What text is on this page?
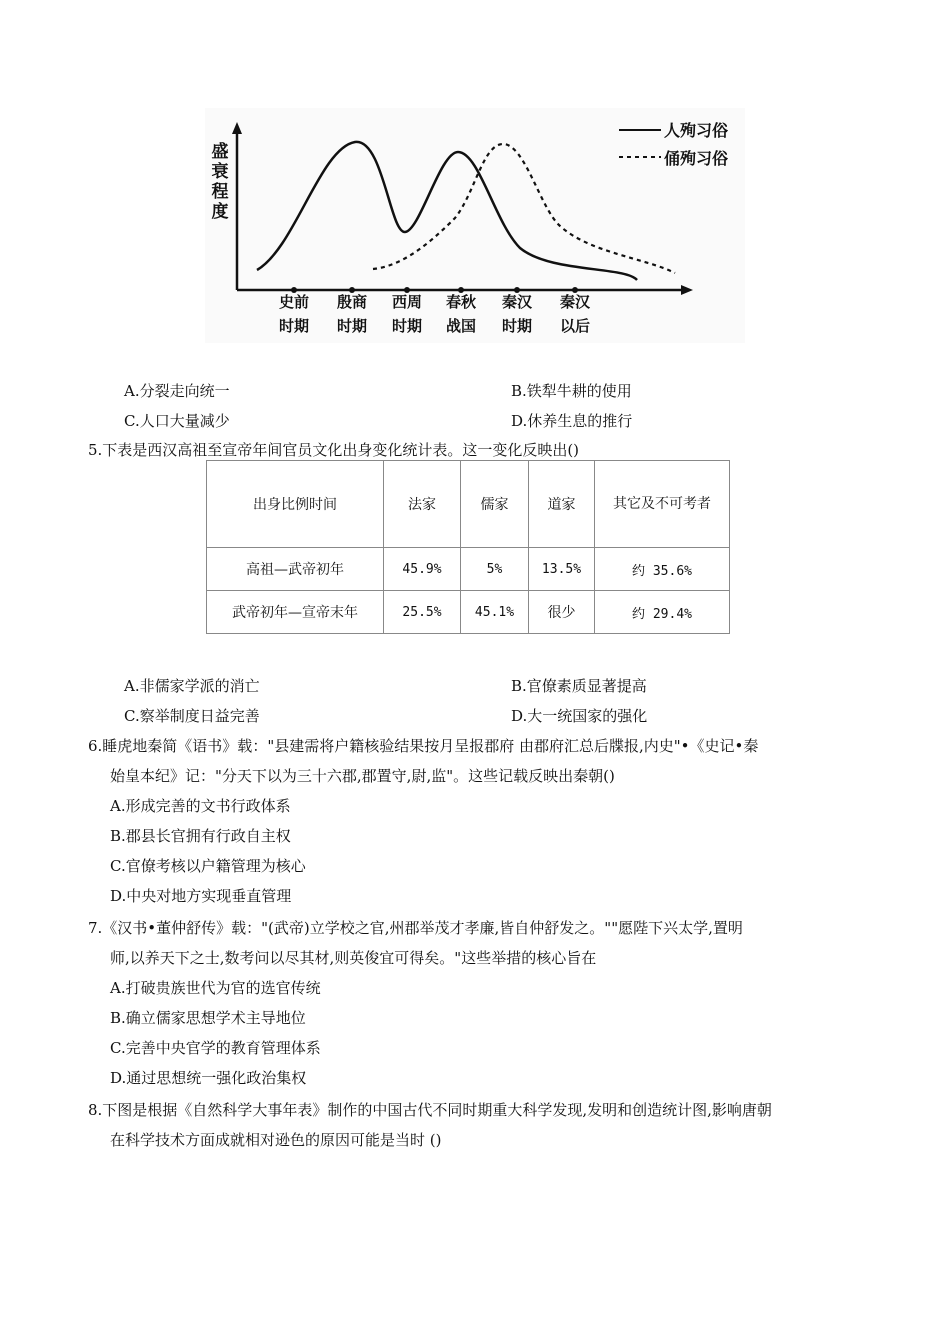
盛衰程度
人殉习俗
俑殉习俗
史前
时期
殷商
时期
西周
时期
春秋
战国
秦汉
时期
秦汉
以后
A.分裂走向统一	B.铁犁牛耕的使用
C.人口大量减少	D.休养生息的推行
5.下表是西汉高祖至宣帝年间官员文化出身变化统计表。这一变化反映出()
出身比例时间	法家	儒家	道家	其它及不可考者
高祖—武帝初年	45.9%	5%	13.5%	约 35.6%
武帝初年—宣帝末年	25.5%	45.1%	很少	约 29.4%
A.非儒家学派的消亡	B.官僚素质显著提高
C.察举制度日益完善	D.大一统国家的强化
6.睡虎地秦简《语书》载："县建需将户籍核验结果按月呈报郡府 由郡府汇总后牒报,内史"•《史记•秦
始皇本纪》记："分天下以为三十六郡,郡置守,尉,监"。这些记载反映出秦朝()
A.形成完善的文书行政体系
B.郡县长官拥有行政自主权
C.官僚考核以户籍管理为核心
D.中央对地方实现垂直管理
7.《汉书•董仲舒传》载："(武帝)立学校之官,州郡举茂才孝廉,皆自仲舒发之。""愿陛下兴太学,置明
师,以养天下之士,数考问以尽其材,则英俊宜可得矣。"这些举措的核心旨在
A.打破贵族世代为官的选官传统
B.确立儒家思想学术主导地位
C.完善中央官学的教育管理体系
D.通过思想统一强化政治集权
8.下图是根据《自然科学大事年表》制作的中国古代不同时期重大科学发现,发明和创造统计图,影响唐朝
在科学技术方面成就相对逊色的原因可能是当时 ()
